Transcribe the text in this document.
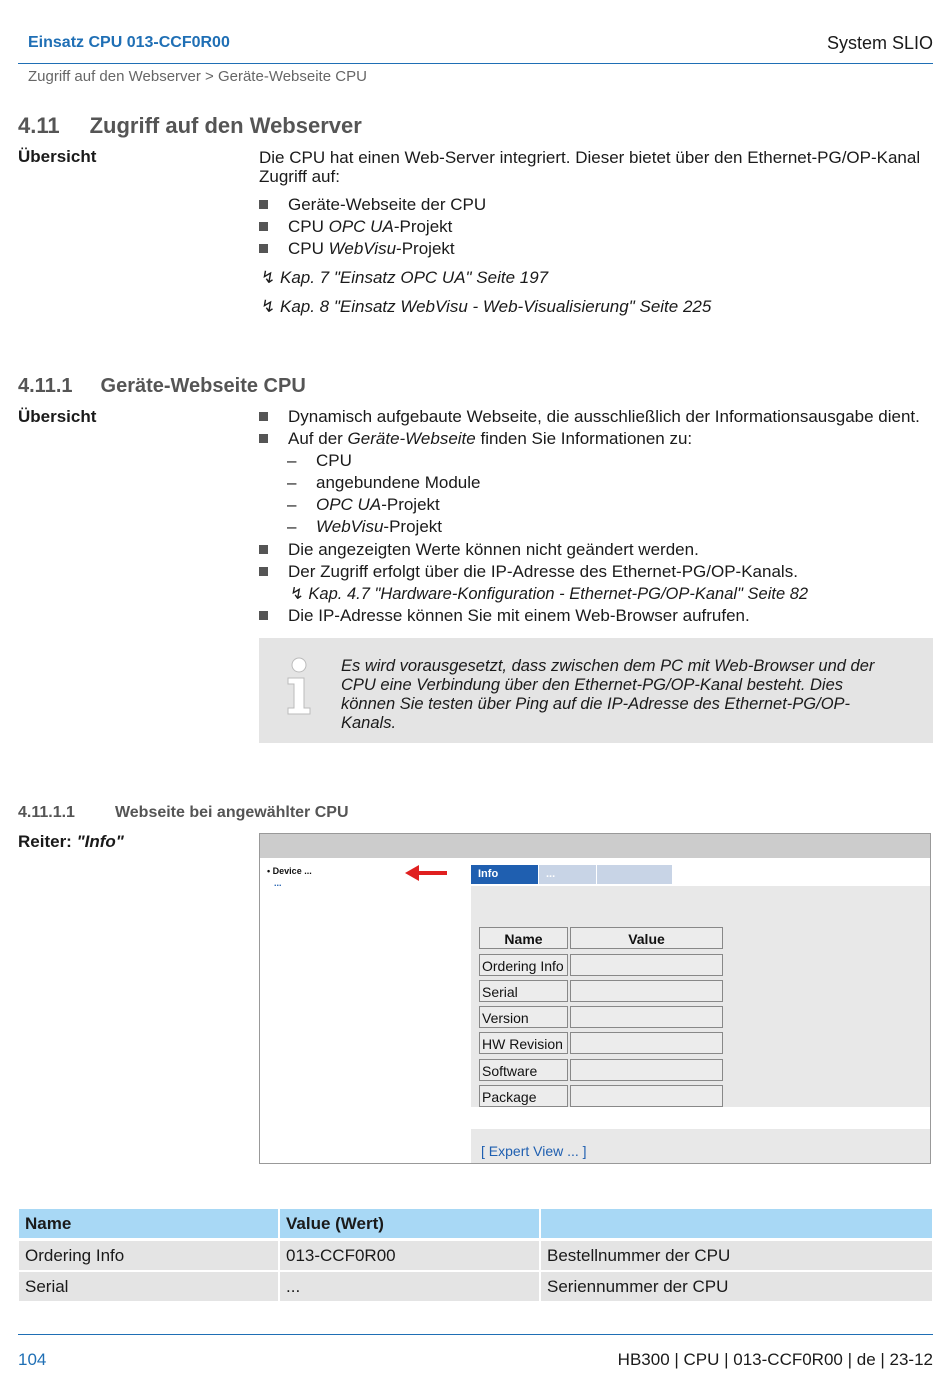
Einsatz CPU 013-CCF0R00	System SLIO
Zugriff auf den Webserver > Geräte-Webseite CPU
4.11 Zugriff auf den Webserver
Übersicht	Die CPU hat einen Web-Server integriert. Dieser bietet über den Ethernet-PG/OP-Kanal Zugriff auf:
Geräte-Webseite der CPU
CPU OPC UA-Projekt
CPU WebVisu-Projekt
↯ Kap. 7 "Einsatz OPC UA" Seite 197
↯ Kap. 8 "Einsatz WebVisu - Web-Visualisierung" Seite 225
4.11.1 Geräte-Webseite CPU
Übersicht	Dynamisch aufgebaute Webseite, die ausschließlich der Informationsausgabe dient.
Auf der Geräte-Webseite finden Sie Informationen zu:
– CPU
– angebundene Module
– OPC UA-Projekt
– WebVisu-Projekt
Die angezeigten Werte können nicht geändert werden.
Der Zugriff erfolgt über die IP-Adresse des Ethernet-PG/OP-Kanals.
↯ Kap. 4.7 "Hardware-Konfiguration - Ethernet-PG/OP-Kanal" Seite 82
Die IP-Adresse können Sie mit einem Web-Browser aufrufen.
Es wird vorausgesetzt, dass zwischen dem PC mit Web-Browser und der CPU eine Verbindung über den Ethernet-PG/OP-Kanal besteht. Dies können Sie testen über Ping auf die IP-Adresse des Ethernet-PG/OP-Kanals.
4.11.1.1	Webseite bei angewählter CPU
Reiter: "Info"
• Device ...
...
Info	...
Name	Value
Ordering Info
Serial
Version
HW Revision
Software
Package
[ Expert View ... ]
Name	Value (Wert)
Ordering Info	013-CCF0R00	Bestellnummer der CPU
Serial	...	Seriennummer der CPU
104	HB300 | CPU | 013-CCF0R00 | de | 23-12
